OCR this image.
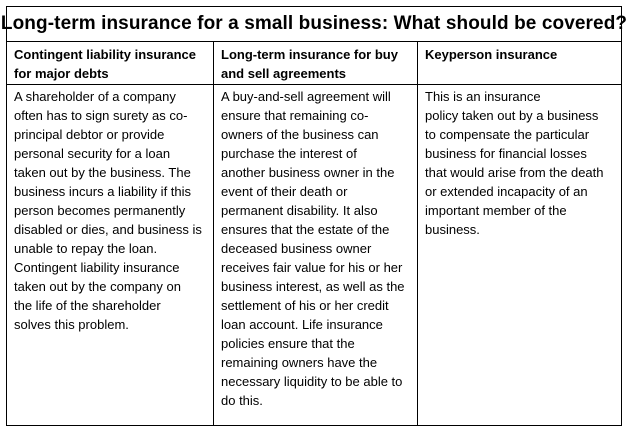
Long-term insurance for a small business: What should be covered?
Contingent liability insurance
for major debts
A shareholder of a company
often has to sign surety as co-
principal debtor or provide
personal security for a loan
taken out by the business. The
business incurs a liability if this
person becomes permanently
disabled or dies, and business is
unable to repay the loan.
Contingent liability insurance
taken out by the company on
the life of the shareholder
solves this problem.
Long-term insurance for buy
and sell agreements
A buy-and-sell agreement will
ensure that remaining co-
owners of the business can
purchase the interest of
another business owner in the
event of their death or
permanent disability. It also
ensures that the estate of the
deceased business owner
receives fair value for his or her
business interest, as well as the
settlement of his or her credit
loan account. Life insurance
policies ensure that the
remaining owners have the
necessary liquidity to be able to
do this.
Keyperson insurance
This is an insurance
policy taken out by a business
to compensate the particular
business for financial losses
that would arise from the death
or extended incapacity of an
important member of the
business.
